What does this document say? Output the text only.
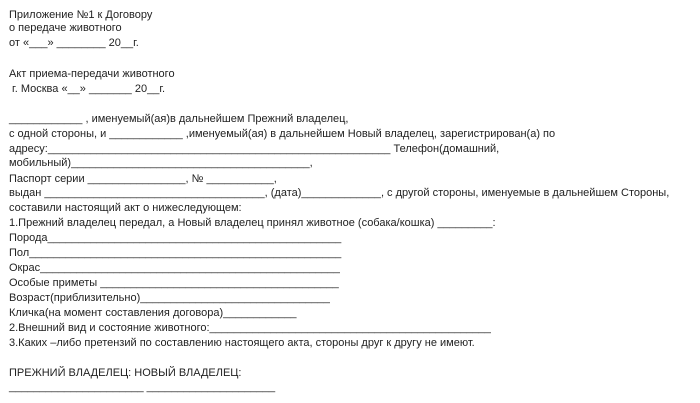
Приложение №1 к Договору

о передаче животного

от «___» ________ 20__г.

Акт приема-передачи животного

г. Москва «__» _______ 20__г.

____________ , именуемый(ая)в дальнейшем Прежний владелец,

с одной стороны, и ____________ ,именуемый(ая) в дальнейшем Новый владелец, зарегистрирован(а) по

адресу:________________________________________________________ Телефон(домашний,

мобильный)_______________________________________,

Паспорт серии ________________, № ___________,

выдан ____________________________________, (дата)_____________, с другой стороны, именуемые в дальнейшем Стороны,

составили настоящий акт о нижеследующем:

1.Прежний владелец передал, а Новый владелец принял животное (собака/кошка) _________:

Порода________________________________________________

Пол___________________________________________________

Окрас_________________________________________________

Особые приметы _______________________________________

Возраст(приблизительно)_______________________________

Кличка(на момент составления договора)____________

2.Внешний вид и состояние животного:______________________________________________

3.Каких –либо претензий по составлению настоящего акта, стороны друг к другу не имеют.

ПРЕЖНИЙ ВЛАДЕЛЕЦ: НОВЫЙ ВЛАДЕЛЕЦ:

______________________ _____________________
